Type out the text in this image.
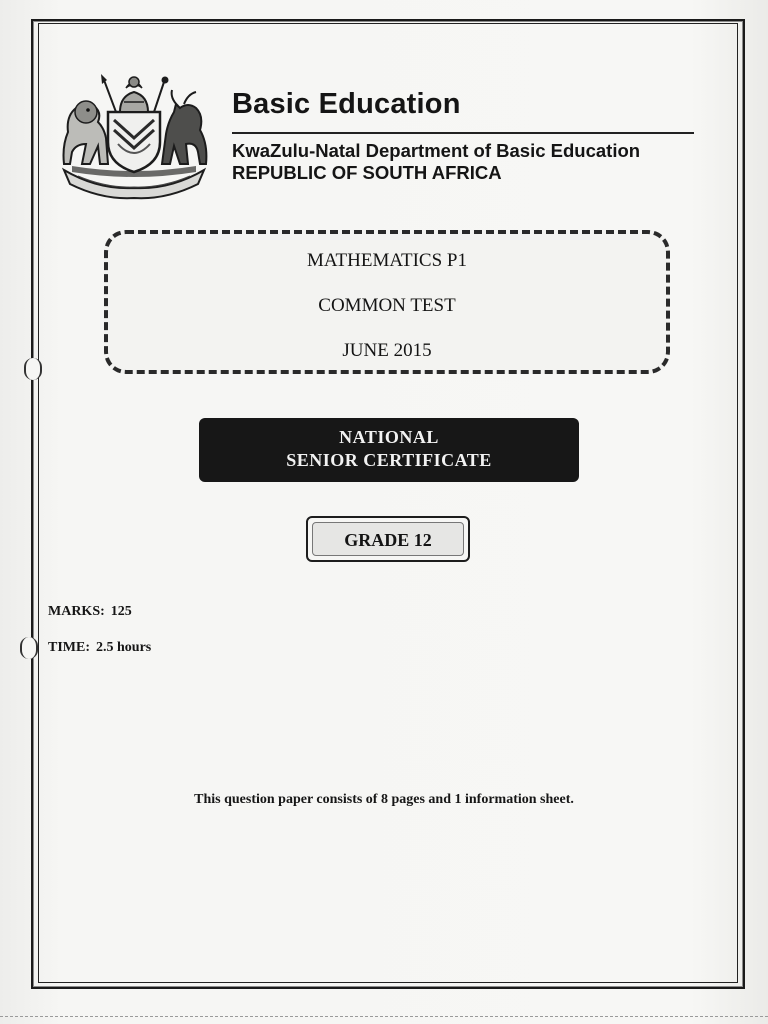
Basic Education
KwaZulu-Natal Department of Basic Education
REPUBLIC OF SOUTH AFRICA
MATHEMATICS P1
COMMON TEST
JUNE 2015
NATIONAL
SENIOR CERTIFICATE
GRADE 12
MARKS: 125
TIME: 2.5 hours
This question paper consists of 8 pages and 1 information sheet.
